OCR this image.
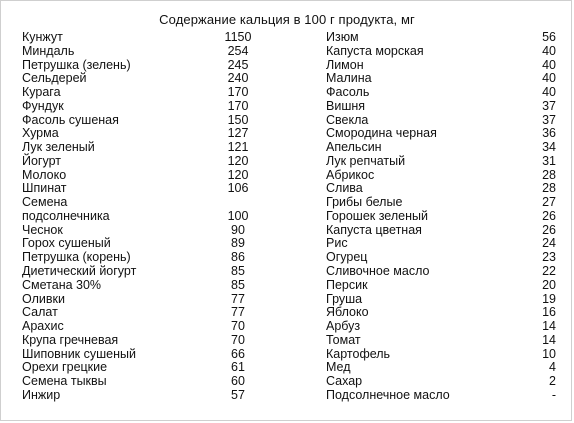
Содержание кальция в 100 г продукта, мг
Кунжут	1150
Миндаль	254
Петрушка (зелень)	245
Сельдерей	240
Курага	170
Фундук	170
Фасоль сушеная	150
Хурма	127
Лук зеленый	121
Йогурт	120
Молоко	120
Шпинат	106
Семена
подсолнечника	100
Чеснок	90
Горох сушеный	89
Петрушка (корень)	86
Диетический йогурт	85
Сметана 30%	85
Оливки	77
Салат	77
Арахис	70
Крупа гречневая	70
Шиповник сушеный	66
Орехи грецкие	61
Семена тыквы	60
Инжир	57
Изюм	56
Капуста морская	40
Лимон	40
Малина	40
Фасоль	40
Вишня	37
Свекла	37
Смородина черная	36
Апельсин	34
Лук репчатый	31
Абрикос	28
Слива	28
Грибы белые	27
Горошек зеленый	26
Капуста цветная	26
Рис	24
Огурец	23
Сливочное масло	22
Персик	20
Груша	19
Яблоко	16
Арбуз	14
Томат	14
Картофель	10
Мед	4
Сахар	2
Подсолнечное масло	-
